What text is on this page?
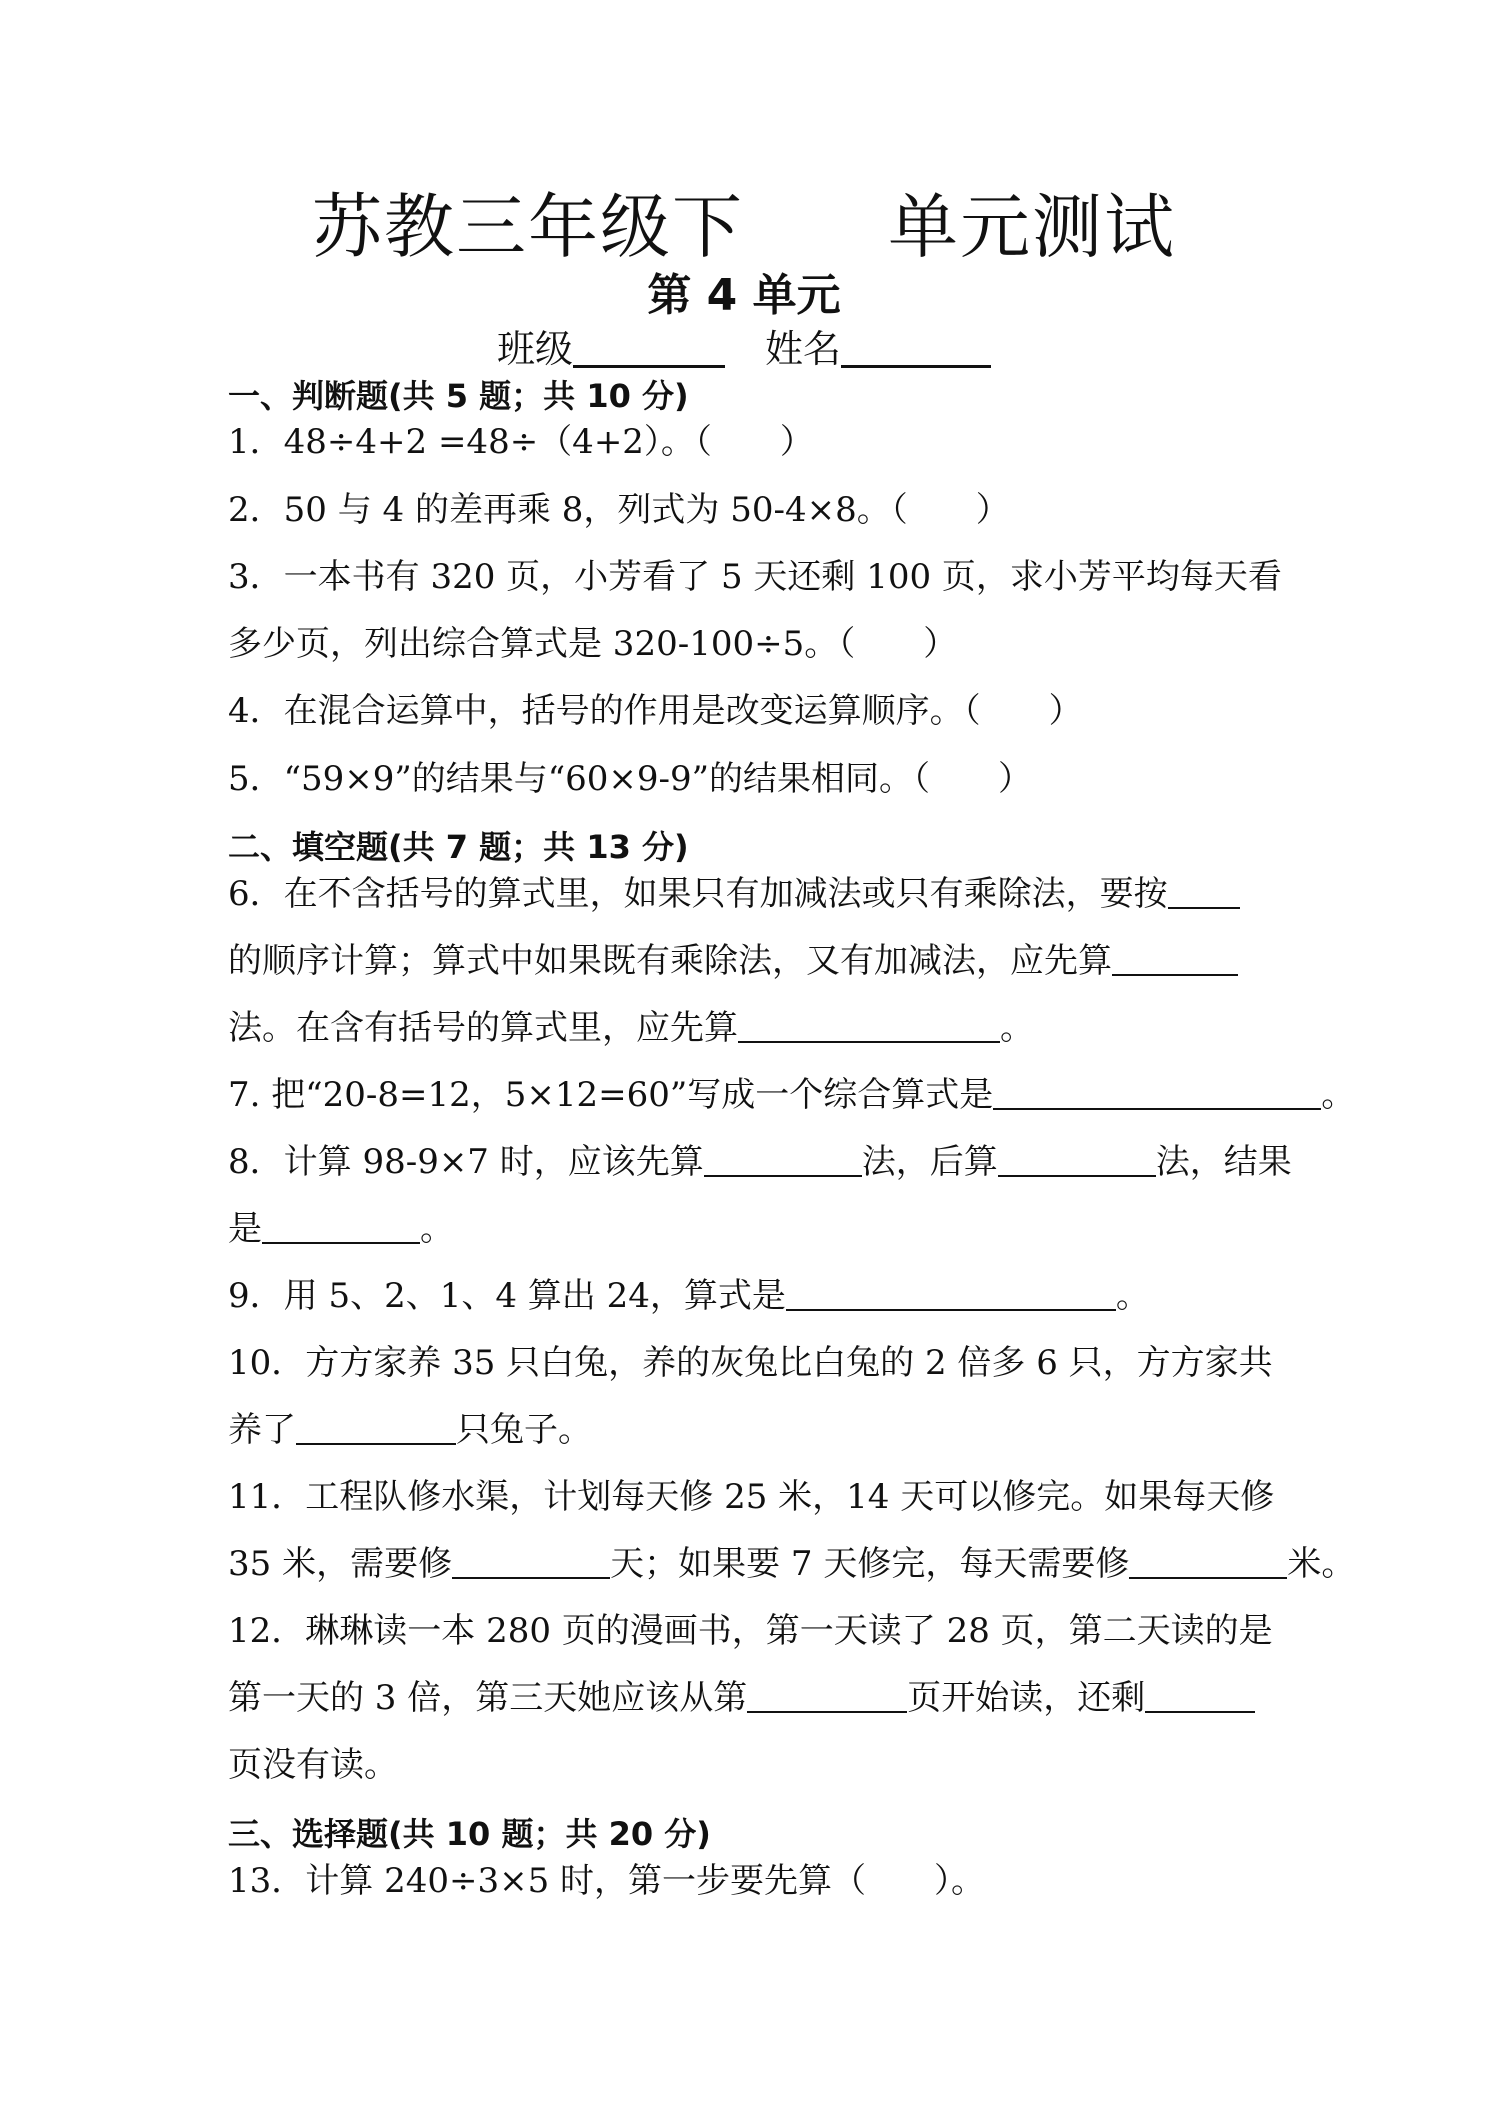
苏教三年级下　　单元测试
第 4 单元
班级	姓名
一、判断题(共 5 题；共 10 分)
1．48÷4+2 =48÷（4+2）。（　　）
2．50 与 4 的差再乘 8，列式为 50-4×8。（　　）
3．一本书有 320 页，小芳看了 5 天还剩 100 页，求小芳平均每天看
多少页，列出综合算式是 320-100÷5。（　　）
4．在混合运算中，括号的作用是改变运算顺序。（　　）
5．“59×9”的结果与“60×9-9”的结果相同。（　　）
二、填空题(共 7 题；共 13 分)
6．在不含括号的算式里，如果只有加减法或只有乘除法，要按
的顺序计算；算式中如果既有乘除法，又有加减法，应先算
法。在含有括号的算式里，应先算	。
7. 把“20-8=12，5×12=60”写成一个综合算式是	。
8．计算 98-9×7 时，应该先算	法，后算	法，结果
是	。
9．用 5、2、1、4 算出 24，算式是	。
10．方方家养 35 只白兔，养的灰兔比白兔的 2 倍多 6 只，方方家共
养了	只兔子。
11．工程队修水渠，计划每天修 25 米，14 天可以修完。如果每天修
35 米，需要修	天；如果要 7 天修完，每天需要修	米。
12．琳琳读一本 280 页的漫画书，第一天读了 28 页，第二天读的是
第一天的 3 倍，第三天她应该从第	页开始读，还剩
页没有读。
三、选择题(共 10 题；共 20 分)
13．计算 240÷3×5 时，第一步要先算（　　）。
